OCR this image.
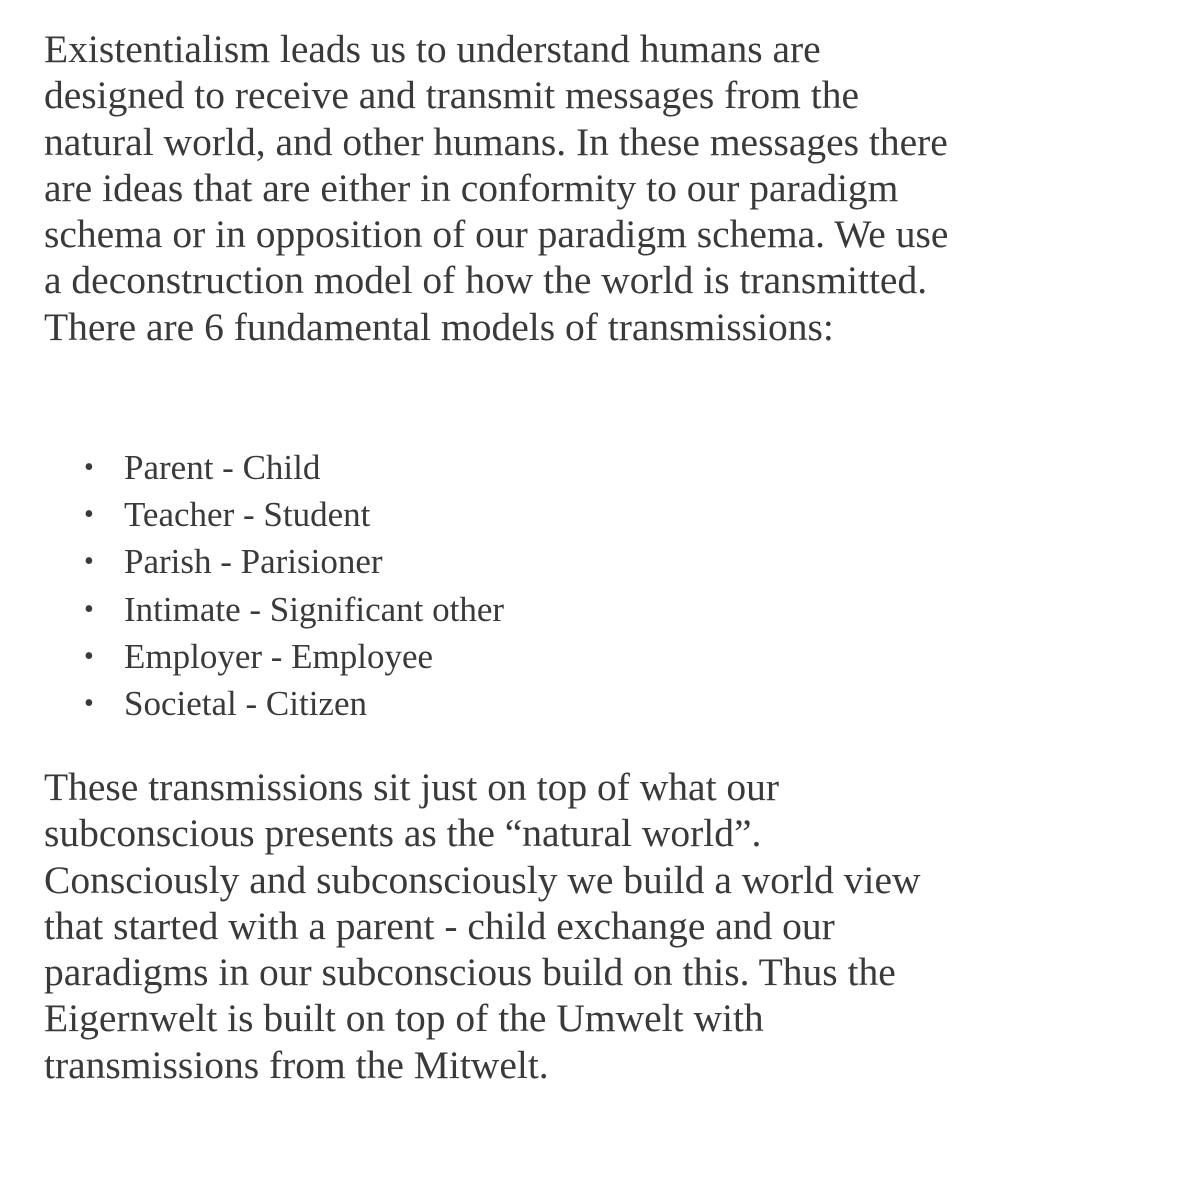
Existentialism leads us to understand humans are
designed to receive and transmit messages from the
natural world, and other humans. In these messages there
are ideas that are either in conformity to our paradigm
schema or in opposition of our paradigm schema. We use
a deconstruction model of how the world is transmitted.
There are 6 fundamental models of transmissions:
• Parent - Child
• Teacher - Student
• Parish - Parisioner
• Intimate - Significant other
• Employer - Employee
• Societal - Citizen
These transmissions sit just on top of what our
subconscious presents as the “natural world”.
Consciously and subconsciously we build a world view
that started with a parent - child exchange and our
paradigms in our subconscious build on this. Thus the
Eigernwelt is built on top of the Umwelt with
transmissions from the Mitwelt.
